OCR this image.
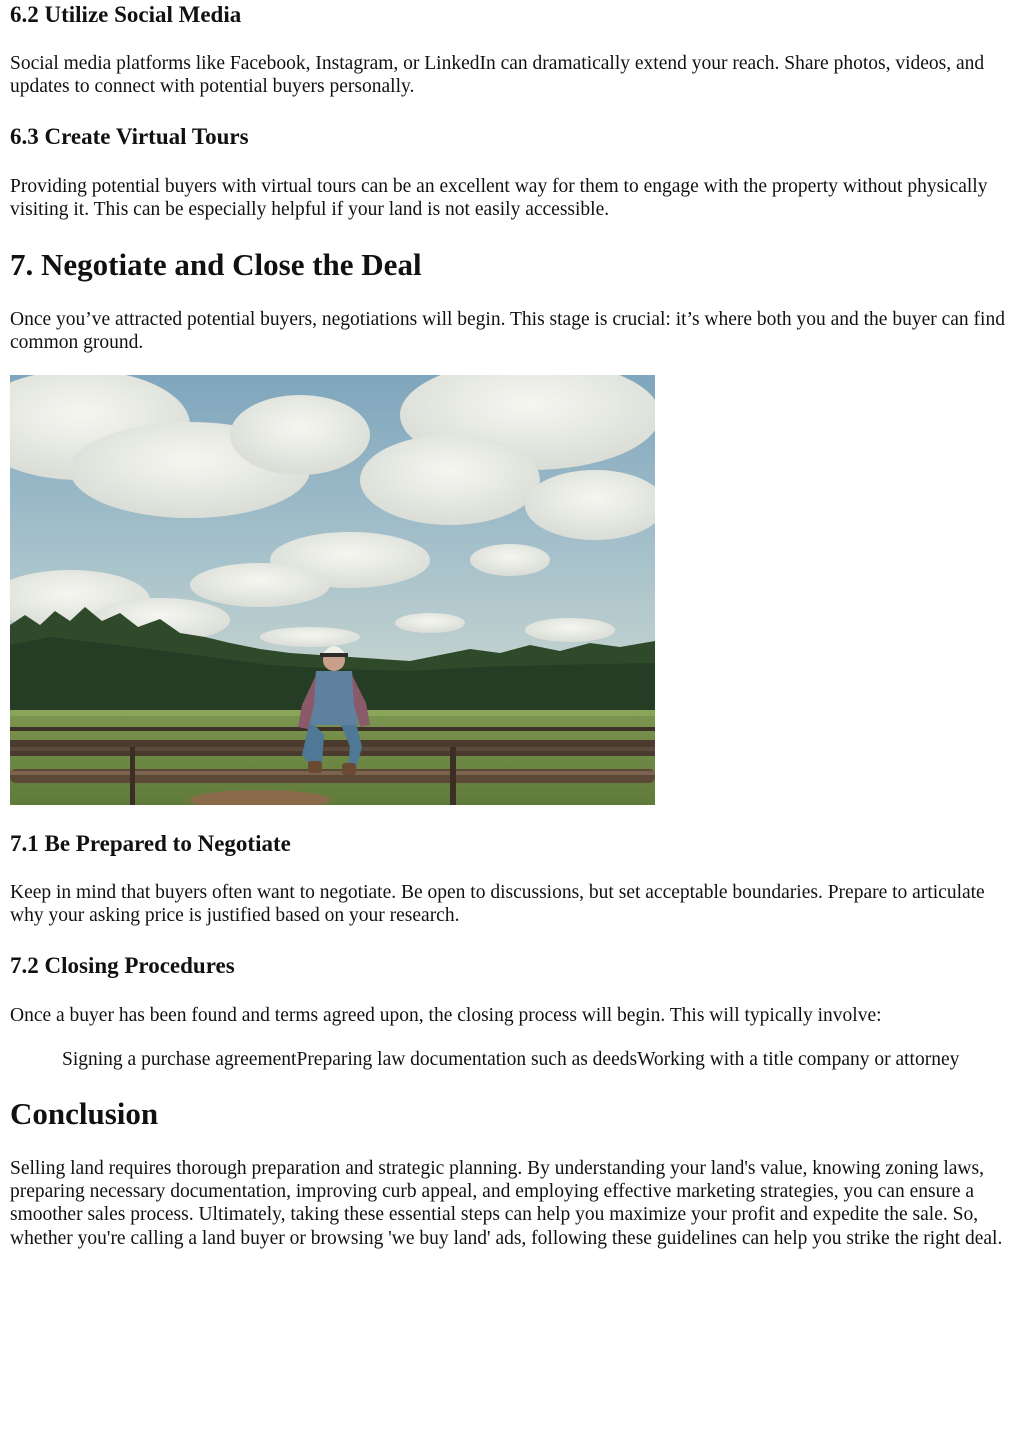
6.2 Utilize Social Media

Social media platforms like Facebook, Instagram, or LinkedIn can dramatically extend your reach. Share photos, videos, and updates to connect with potential buyers personally.

6.3 Create Virtual Tours

Providing potential buyers with virtual tours can be an excellent way for them to engage with the property without physically visiting it. This can be especially helpful if your land is not easily accessible.

7. Negotiate and Close the Deal

Once you’ve attracted potential buyers, negotiations will begin. This stage is crucial: it’s where both you and the buyer can find common ground.

7.1 Be Prepared to Negotiate

Keep in mind that buyers often want to negotiate. Be open to discussions, but set acceptable boundaries. Prepare to articulate why your asking price is justified based on your research.

7.2 Closing Procedures

Once a buyer has been found and terms agreed upon, the closing process will begin. This will typically involve:

Signing a purchase agreementPreparing law documentation such as deedsWorking with a title company or attorney
Conclusion

Selling land requires thorough preparation and strategic planning. By understanding your land's value, knowing zoning laws, preparing necessary documentation, improving curb appeal, and employing effective marketing strategies, you can ensure a smoother sales process. Ultimately, taking these essential steps can help you maximize your profit and expedite the sale. So, whether you're calling a land buyer or browsing 'we buy land' ads, following these guidelines can help you strike the right deal.
